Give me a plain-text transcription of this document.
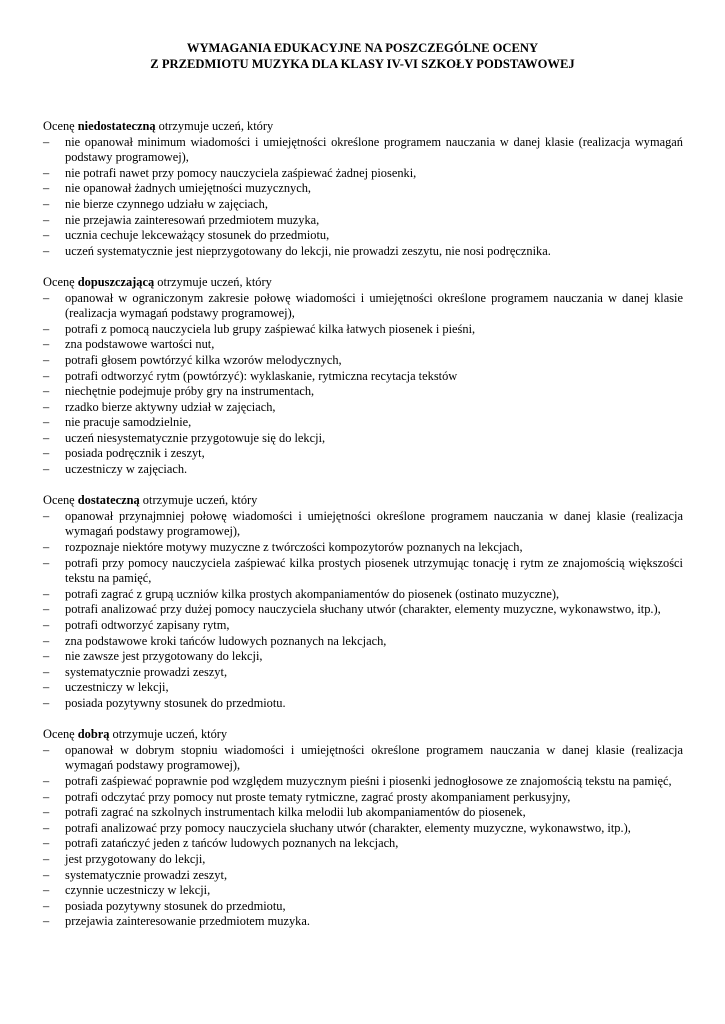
WYMAGANIA EDUKACYJNE NA POSZCZEGÓLNE OCENY
Z PRZEDMIOTU MUZYKA DLA KLASY IV-VI SZKOŁY PODSTAWOWEJ

Ocenę niedostateczną otrzymuje uczeń, który

– nie opanował minimum wiadomości i umiejętności określone programem nauczania w danej klasie (realizacja wymagań podstawy programowej),
– nie potrafi nawet przy pomocy nauczyciela zaśpiewać żadnej piosenki,
– nie opanował żadnych umiejętności muzycznych,
– nie bierze czynnego udziału w zajęciach,
– nie przejawia zainteresowań przedmiotem muzyka,
– ucznia cechuje lekceważący stosunek do przedmiotu,
– uczeń systematycznie jest nieprzygotowany do lekcji, nie prowadzi zeszytu, nie nosi podręcznika.

Ocenę dopuszczającą otrzymuje uczeń, który

– opanował w ograniczonym zakresie połowę wiadomości i umiejętności określone programem nauczania w danej klasie (realizacja wymagań podstawy programowej),
– potrafi z pomocą nauczyciela lub grupy zaśpiewać kilka łatwych piosenek i pieśni,
– zna podstawowe wartości nut,
– potrafi głosem powtórzyć kilka wzorów melodycznych,
– potrafi odtworzyć rytm (powtórzyć): wyklaskanie, rytmiczna recytacja tekstów
– niechętnie podejmuje próby gry na instrumentach,
– rzadko bierze aktywny udział w zajęciach,
– nie pracuje samodzielnie,
– uczeń niesystematycznie przygotowuje się do lekcji,
– posiada podręcznik i zeszyt,
– uczestniczy w zajęciach.

Ocenę dostateczną otrzymuje uczeń, który

– opanował przynajmniej połowę wiadomości i umiejętności określone programem nauczania w danej klasie (realizacja wymagań podstawy programowej),
– rozpoznaje niektóre motywy muzyczne z twórczości kompozytorów poznanych na lekcjach,
– potrafi przy pomocy nauczyciela zaśpiewać kilka prostych piosenek utrzymując tonację i rytm ze znajomością większości tekstu na pamięć,
– potrafi zagrać z grupą uczniów kilka prostych akompaniamentów do piosenek (ostinato muzyczne),
– potrafi analizować przy dużej pomocy nauczyciela słuchany utwór (charakter, elementy muzyczne, wykonawstwo, itp.),
– potrafi odtworzyć zapisany rytm,
– zna podstawowe kroki tańców ludowych poznanych na lekcjach,
– nie zawsze jest przygotowany do lekcji,
– systematycznie prowadzi zeszyt,
– uczestniczy w lekcji,
– posiada pozytywny stosunek do przedmiotu.

Ocenę dobrą otrzymuje uczeń, który

– opanował w dobrym stopniu wiadomości i umiejętności określone programem nauczania w danej klasie (realizacja wymagań podstawy programowej),
– potrafi zaśpiewać poprawnie pod względem muzycznym pieśni i piosenki jednogłosowe ze znajomością tekstu na pamięć,
– potrafi odczytać przy pomocy nut proste tematy rytmiczne, zagrać prosty akompaniament perkusyjny,
– potrafi zagrać na szkolnych instrumentach kilka melodii lub akompaniamentów do piosenek,
– potrafi analizować przy pomocy nauczyciela słuchany utwór (charakter, elementy muzyczne, wykonawstwo, itp.),
– potrafi zatańczyć jeden z tańców ludowych poznanych na lekcjach,
– jest przygotowany do lekcji,
– systematycznie prowadzi zeszyt,
– czynnie uczestniczy w lekcji,
– posiada pozytywny stosunek do przedmiotu,
– przejawia zainteresowanie przedmiotem muzyka.
